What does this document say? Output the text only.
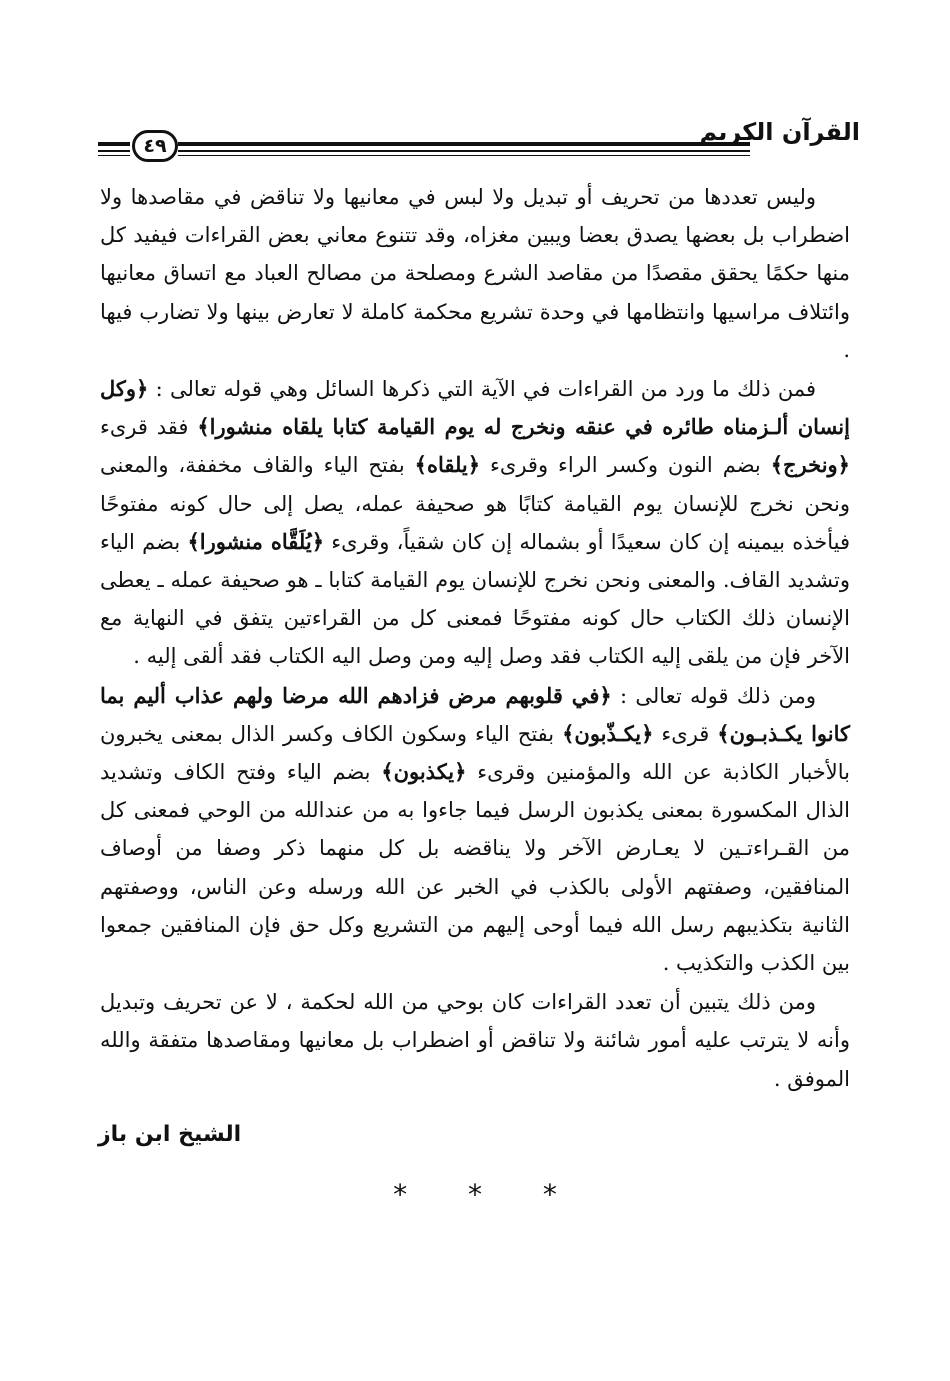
٤٩	القرآن الكريم

وليس تعددها من تحريف أو تبديل ولا لبس في معانيها ولا تناقض في مقاصدها ولا اضطراب بل بعضها يصدق بعضا ويبين مغزاه، وقد تتنوع معاني بعض القراءات فيفيد كل منها حكمًا يحقق مقصدًا من مقاصد الشرع ومصلحة من مصالح العباد مع اتساق معانيها وائتلاف مراسيها وانتظامها في وحدة تشريع محكمة كاملة لا تعارض بينها ولا تضارب فيها .

فمن ذلك ما ورد من القراءات في الآية التي ذكرها السائل وهي قوله تعالى : ﴿وكل إنسان ألـزمناه طائره في عنقه ونخرج له يوم القيامة كتابا يلقاه منشورا﴾ فقد قرىء ﴿ونخرج﴾ بضم النون وكسر الراء وقرىء ﴿يلقاه﴾ بفتح الياء والقاف مخففة، والمعنى ونحن نخرج للإنسان يوم القيامة كتابًا هو صحيفة عمله، يصل إلى حال كونه مفتوحًا فيأخذه بيمينه إن كان سعيدًا أو بشماله إن كان شقياً، وقرىء ﴿يُلَقَّاه منشورا﴾ بضم الياء وتشديد القاف. والمعنى ونحن نخرج للإنسان يوم القيامة كتابا ـ هو صحيفة عمله ـ يعطى الإنسان ذلك الكتاب حال كونه مفتوحًا فمعنى كل من القراءتين يتفق في النهاية مع الآخر فإن من يلقى إليه الكتاب فقد وصل إليه ومن وصل اليه الكتاب فقد ألقى إليه .

ومن ذلك قوله تعالى : ﴿في قلوبهم مرض فزادهم الله مرضا ولهم عذاب أليم بما كانوا يكـذبـون﴾ قرىء ﴿يكـذّبون﴾ بفتح الياء وسكون الكاف وكسر الذال بمعنى يخبرون بالأخبار الكاذبة عن الله والمؤمنين وقرىء ﴿يكذبون﴾ بضم الياء وفتح الكاف وتشديد الذال المكسورة بمعنى يكذبون الرسل فيما جاءوا به من عندالله من الوحي فمعنى كل من القـراءتـين لا يعـارض الآخر ولا يناقضه بل كل منهما ذكر وصفا من أوصاف المنافقين، وصفتهم الأولى بالكذب في الخبر عن الله ورسله وعن الناس، ووصفتهم الثانية بتكذيبهم رسل الله فيما أوحى إليهم من التشريع وكل حق فإن المنافقين جمعوا بين الكذب والتكذيب .

ومن ذلك يتبين أن تعدد القراءات كان بوحي من الله لحكمة ، لا عن تحريف وتبديل وأنه لا يترتب عليه أمور شائنة ولا تناقض أو اضطراب بل معانيها ومقاصدها متفقة والله الموفق .

الشيخ ابن باز
* * *
